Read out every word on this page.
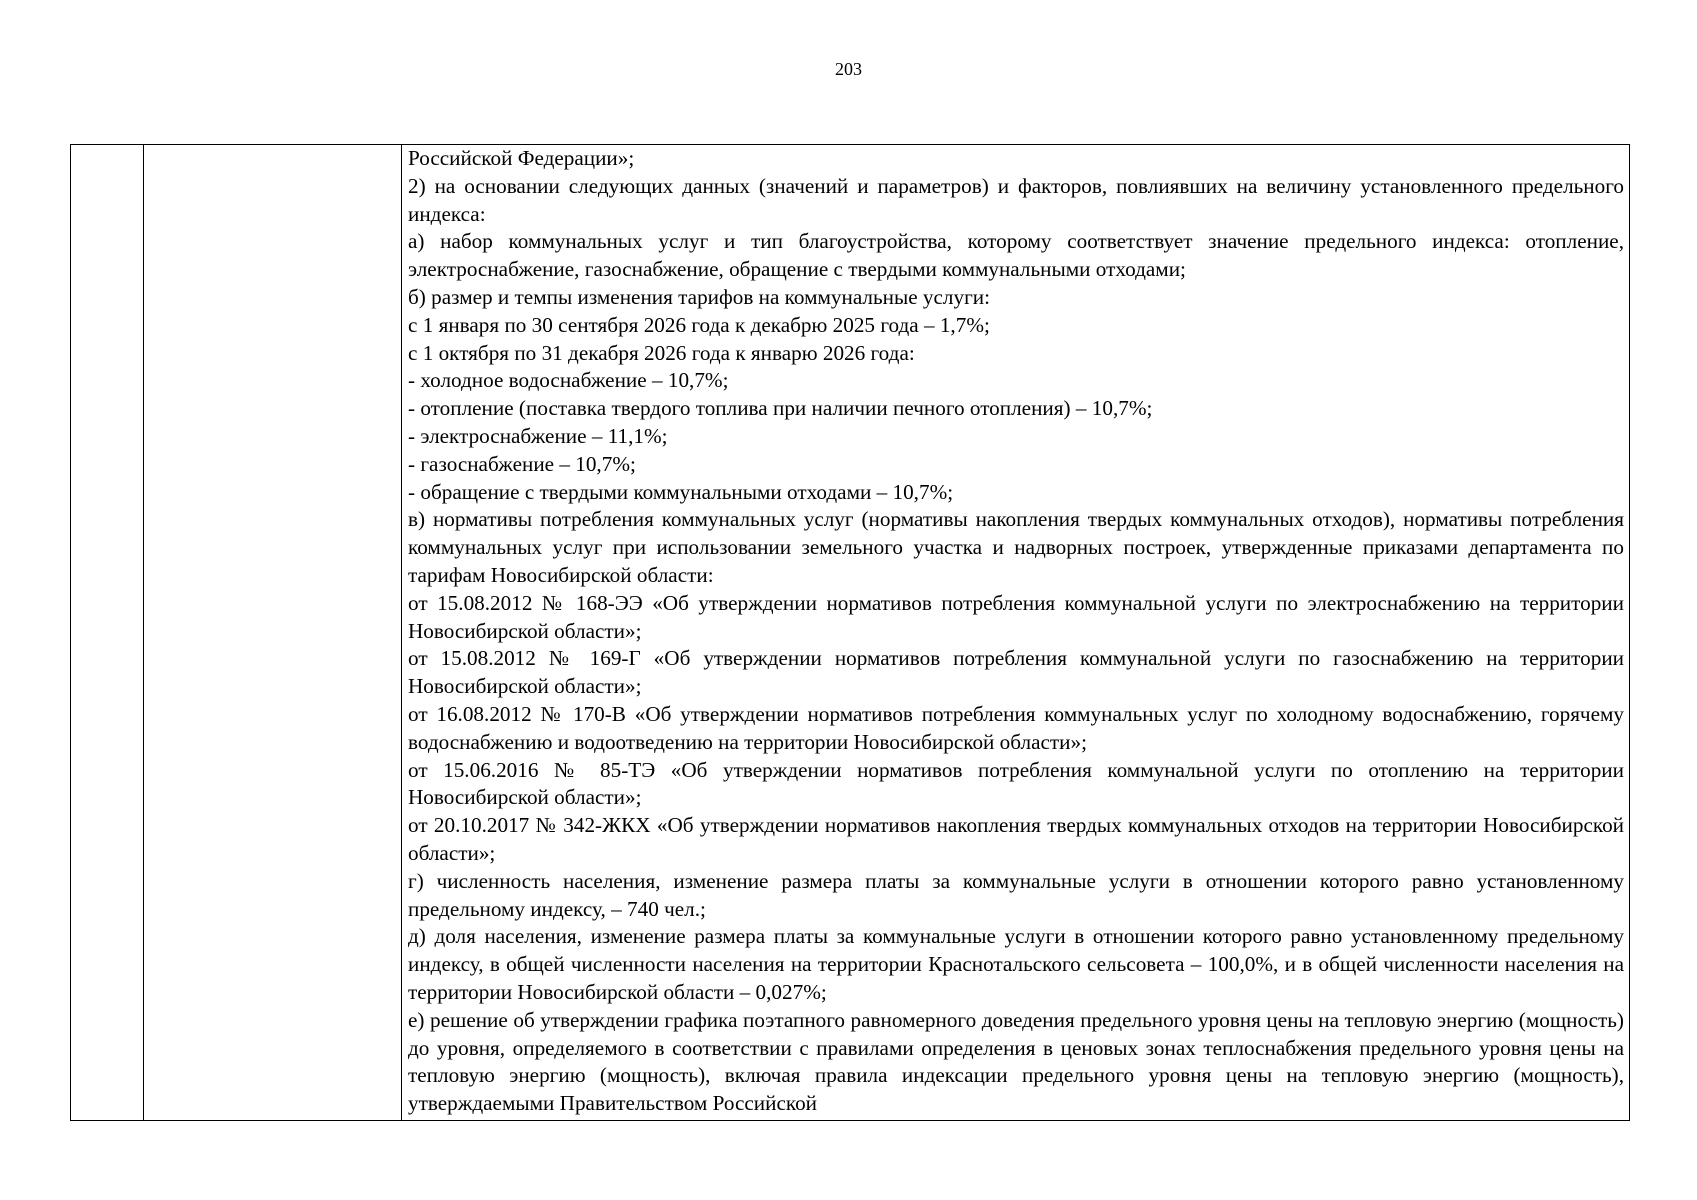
203

Российской Федерации»;

2) на основании следующих данных (значений и параметров) и факторов, повлиявших на величину установленного предельного индекса:

а) набор коммунальных услуг и тип благоустройства, которому соответствует значение предельного индекса: отопление, электроснабжение, газоснабжение, обращение с твердыми коммунальными отходами;

б) размер и темпы изменения тарифов на коммунальные услуги:

с 1 января по 30 сентября 2026 года к декабрю 2025 года – 1,7%;

с 1 октября по 31 декабря 2026 года к январю 2026 года:

- холодное водоснабжение – 10,7%;

- отопление (поставка твердого топлива при наличии печного отопления) – 10,7%;

- электроснабжение – 11,1%;

- газоснабжение – 10,7%;

- обращение с твердыми коммунальными отходами – 10,7%;

в) нормативы потребления коммунальных услуг (нормативы накопления твердых коммунальных отходов), нормативы потребления коммунальных услуг при использовании земельного участка и надворных построек, утвержденные приказами департамента по тарифам Новосибирской области:

от 15.08.2012 № 168-ЭЭ «Об утверждении нормативов потребления коммунальной услуги по электроснабжению на территории Новосибирской области»;

от 15.08.2012 № 169-Г «Об утверждении нормативов потребления коммунальной услуги по газоснабжению на территории Новосибирской области»;

от 16.08.2012 № 170-В «Об утверждении нормативов потребления коммунальных услуг по холодному водоснабжению, горячему водоснабжению и водоотведению на территории Новосибирской области»;

от 15.06.2016 № 85-ТЭ «Об утверждении нормативов потребления коммунальной услуги по отоплению на территории Новосибирской области»;

от 20.10.2017 № 342-ЖКХ «Об утверждении нормативов накопления твердых коммунальных отходов на территории Новосибирской области»;

г) численность населения, изменение размера платы за коммунальные услуги в отношении которого равно установленному предельному индексу, – 740 чел.;

д) доля населения, изменение размера платы за коммунальные услуги в отношении которого равно установленному предельному индексу, в общей численности населения на территории Краснотальского сельсовета – 100,0%, и в общей численности населения на территории Новосибирской области – 0,027%;

е) решение об утверждении графика поэтапного равномерного доведения предельного уровня цены на тепловую энергию (мощность) до уровня, определяемого в соответствии с правилами определения в ценовых зонах теплоснабжения предельного уровня цены на тепловую энергию (мощность), включая правила индексации предельного уровня цены на тепловую энергию (мощность), утверждаемыми Правительством Российской
